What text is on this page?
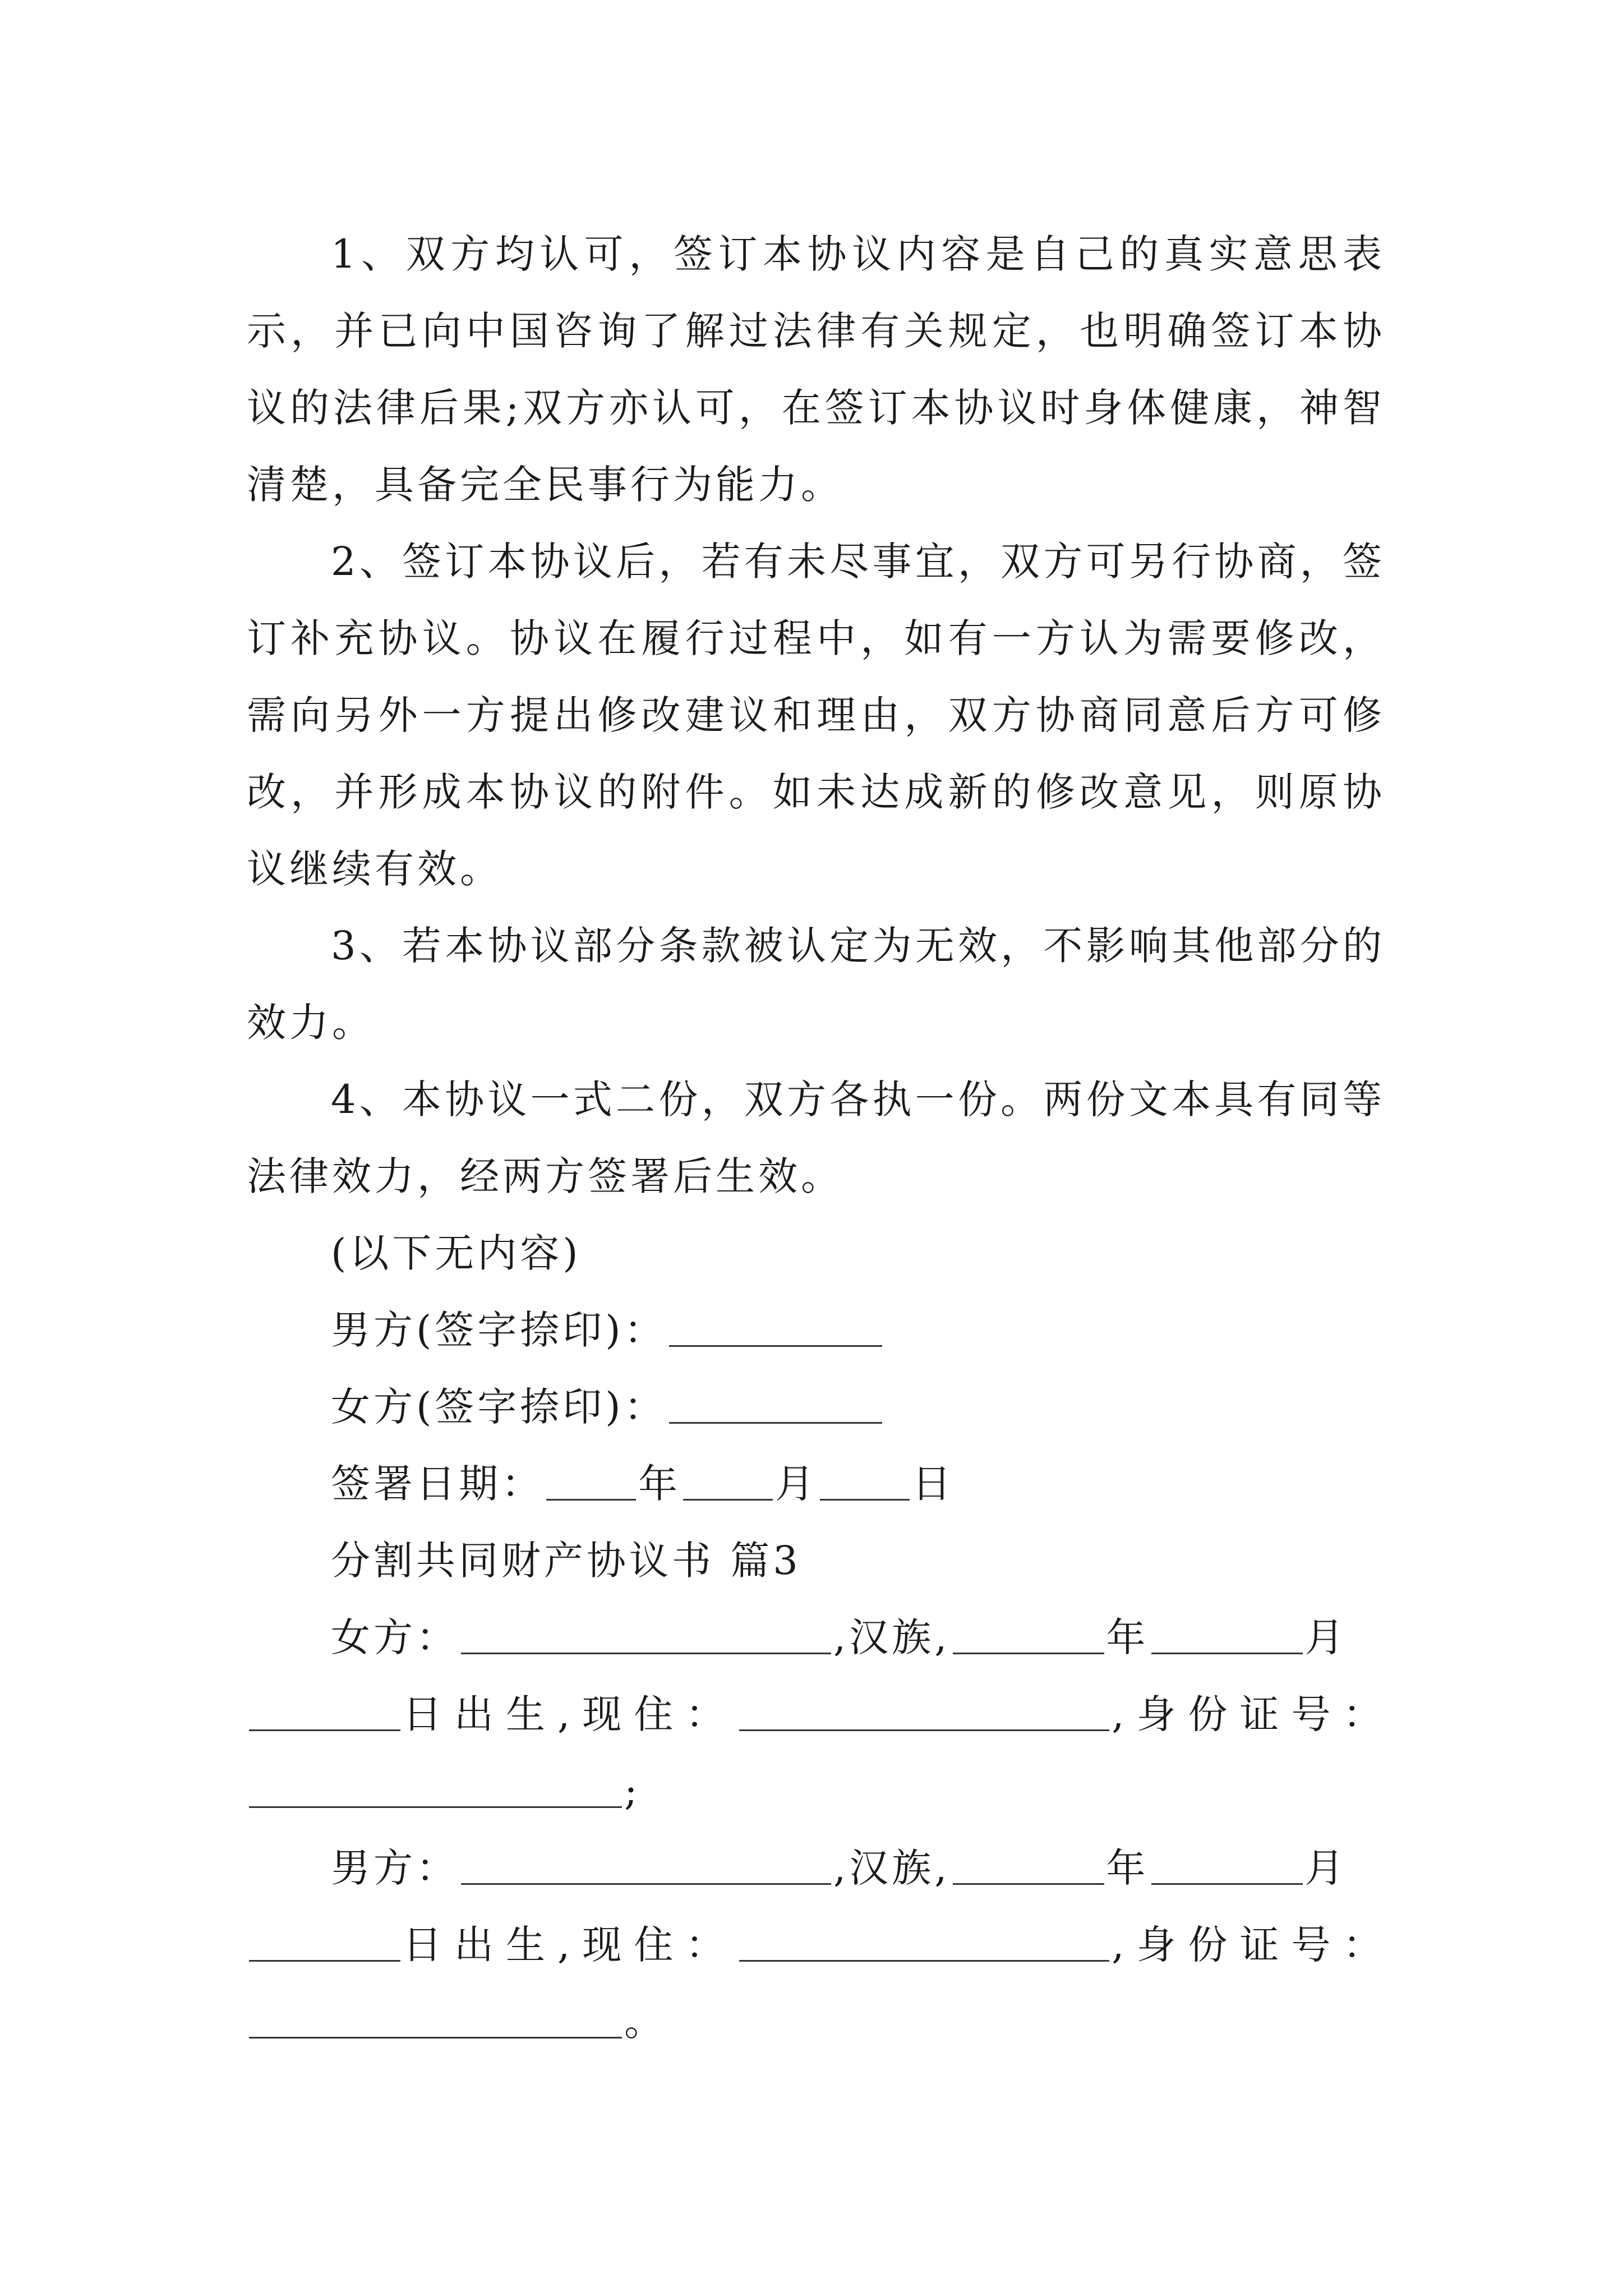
1、双方均认可，签订本协议内容是自己的真实意思表示，并已向中国咨询了解过法律有关规定，也明确签订本协议的法律后果;双方亦认可，在签订本协议时身体健康，神智清楚，具备完全民事行为能力。

2、签订本协议后，若有未尽事宜，双方可另行协商，签订补充协议。协议在履行过程中，如有一方认为需要修改，需向另外一方提出修改建议和理由，双方协商同意后方可修改，并形成本协议的附件。如未达成新的修改意见，则原协议继续有效。

3、若本协议部分条款被认定为无效，不影响其他部分的效力。

4、本协议一式二份，双方各执一份。两份文本具有同等法律效力，经两方签署后生效。

(以下无内容)
男方(签字捺印)：
女方(签字捺印)：
签署日期： 年 月 日
分割共同财产协议书 篇3
女方：	,汉族,	年	月
日出生,现住：	,身份证号：
;
男方：	,汉族,	年	月
日出生,现住：	,身份证号：
。
